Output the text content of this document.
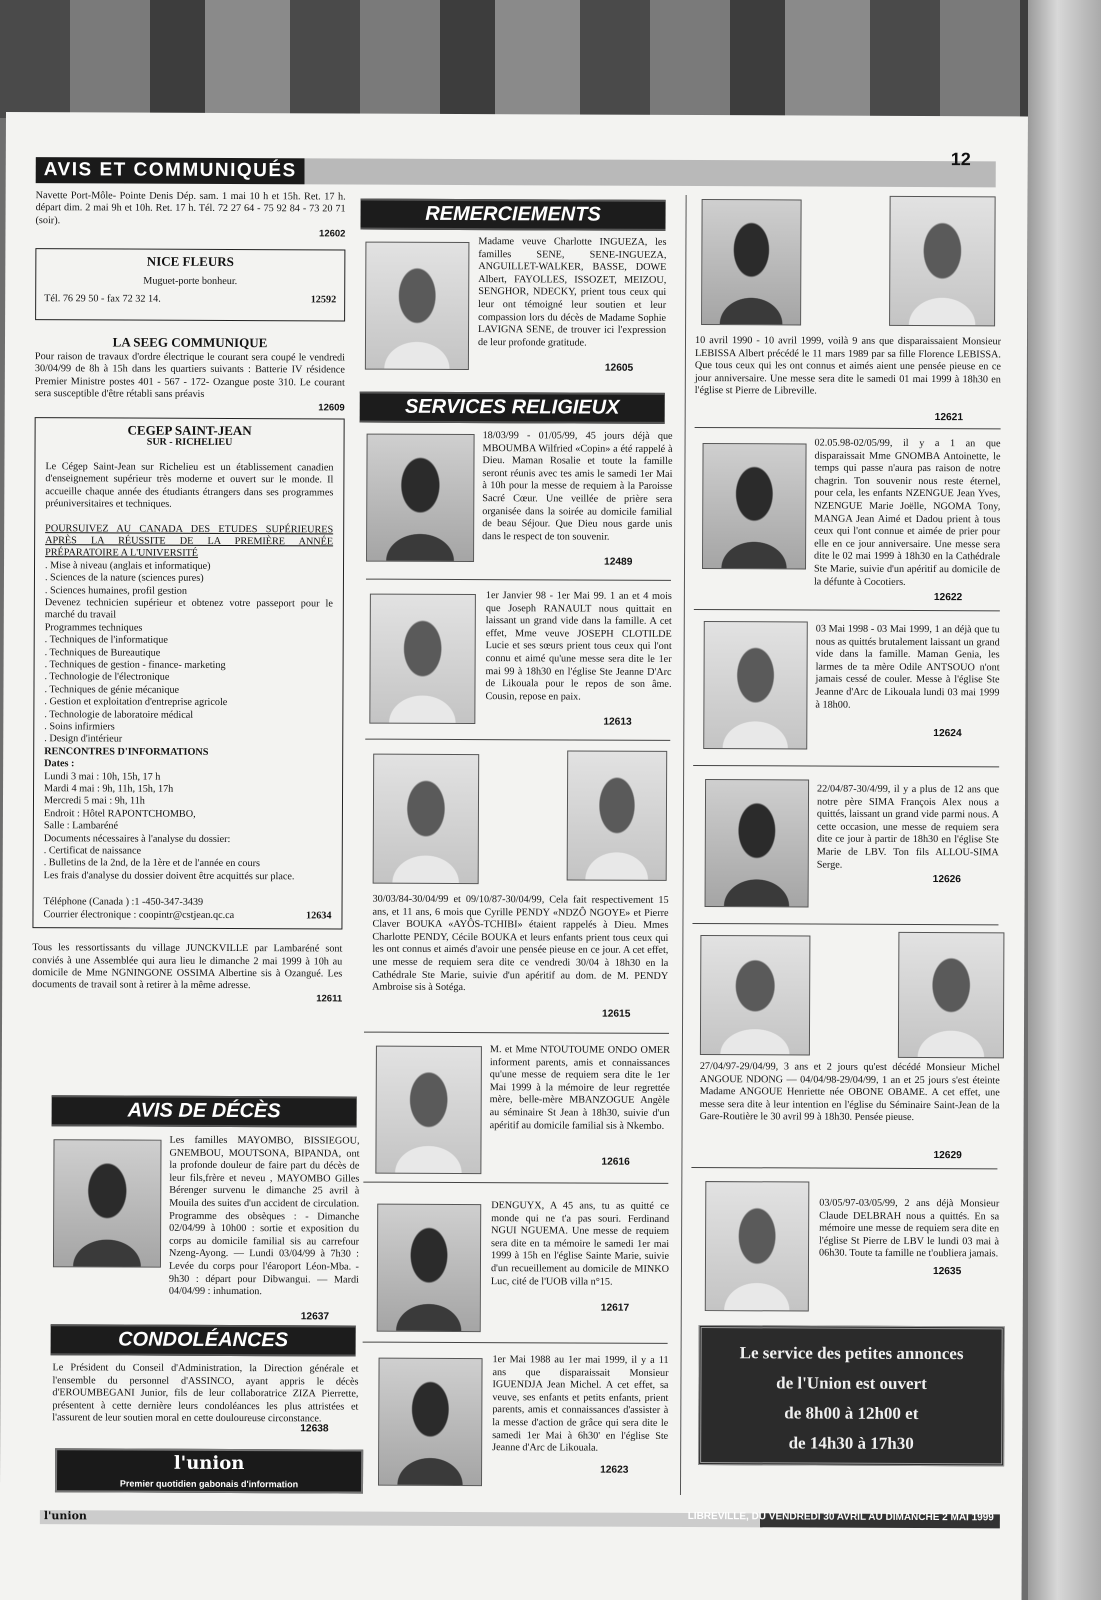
AVIS ET COMMUNIQUÉS	12

Navette Port-Môle- Pointe Denis Dép. sam. 1 mai 10 h et 15h. Ret. 17 h. départ dim. 2 mai 9h et 10h. Ret. 17 h. Tél. 72 27 64 - 75 92 84 - 73 20 71 (soir).

12602
NICE FLEURS
Muguet-porte bonheur.
Tél. 76 29 50 - fax 72 32 14.	12592
LA SEEG COMMUNIQUE

Pour raison de travaux d'ordre électrique le courant sera coupé le vendredi 30/04/99 de 8h à 15h dans les quartiers suivants : Batterie IV résidence Premier Ministre postes 401 - 567 - 172- Ozangue poste 310. Le courant sera susceptible d'être rétabli sans préavis

12609
CEGEP SAINT-JEAN
SUR - RICHELIEU

Le Cégep Saint-Jean sur Richelieu est un établissement canadien d'enseignement supérieur très moderne et ouvert sur le monde. Il accueille chaque année des étudiants étrangers dans ses programmes préuniversitaires et techniques.

POURSUIVEZ AU CANADA DES ETUDES SUPÉRIEURES APRÈS LA RÉUSSITE DE LA PREMIÈRE ANNÉE PRÉPARATOIRE A L'UNIVERSITÉ

. Mise à niveau (anglais et informatique)
. Sciences de la nature (sciences pures)
. Sciences humaines, profil gestion

Devenez technicien supérieur et obtenez votre passeport pour le marché du travail

Programmes techniques
. Techniques de l'informatique
. Techniques de Bureautique
. Techniques de gestion - finance- marketing
. Technologie de l'électronique
. Techniques de génie mécanique
. Gestion et exploitation d'entreprise agricole
. Technologie de laboratoire médical
. Soins infirmiers
. Design d'intérieur
RENCONTRES D'INFORMATIONS
Dates :
Lundi 3 mai : 10h, 15h, 17 h
Mardi 4 mai : 9h, 11h, 15h, 17h
Mercredi 5 mai : 9h, 11h
Endroit : Hôtel RAPONTCHOMBO,
Salle : Lambaréné
Documents nécessaires à l'analyse du dossier:
. Certificat de naissance
. Bulletins de la 2nd, de la 1ère et de l'année en cours

Les frais d'analyse du dossier doivent être acquittés sur place.

Téléphone (Canada ) :1 -450-347-3439
Courrier électronique : coopintr@cstjean.qc.ca	12634

Tous les ressortissants du village JUNCKVILLE par Lambaréné sont conviés à une Assemblée qui aura lieu le dimanche 2 mai 1999 à 10h au domicile de Mme NGNINGONE OSSIMA Albertine sis à Ozangué. Les documents de travail sont à retirer à la même adresse.

12611
AVIS DE DÉCÈS
Les familles MAYOMBO, BISSIEGOU, GNEMBOU, MOUTSONA, BIPANDA, ont la profonde douleur de faire part du décès de leur fils,frère et neveu , MAYOMBO Gilles Bérenger survenu le dimanche 25 avril à Mouila des suites d'un accident de circulation. Programme des obsèques : - Dimanche 02/04/99 à 10h00 : sortie et exposition du corps au domicile familial sis au carrefour Nzeng-Ayong. — Lundi 03/04/99 à 7h30 : Levée du corps pour l'éaroport Léon-Mba. - 9h30 : départ pour Dibwangui. — Mardi 04/04/99 : inhumation.
12637
CONDOLÉANCES
Le Président du Conseil d'Administration, la Direction générale et l'ensemble du personnel d'ASSINCO, ayant appris le décès d'EROUMBEGANI Junior, fils de leur collaboratrice ZIZA Pierrette, présentent à cette dernière leurs condoléances les plus attristées et l'assurent de leur soutien moral en cette douloureuse circonstance.
12638
l'union
Premier quotidien gabonais d'information
REMERCIEMENTS
Madame veuve Charlotte INGUEZA, les familles SENE, SENE-INGUEZA, ANGUILLET-WALKER, BASSE, DOWE Albert, FAYOLLES, ISSOZET, MEIZOU, SENGHOR, NDECKY, prient tous ceux qui leur ont témoigné leur soutien et leur compassion lors du décès de Madame Sophie LAVIGNA SENE, de trouver ici l'expression de leur profonde gratitude.
12605
SERVICES RELIGIEUX
18/03/99 - 01/05/99, 45 jours déjà que MBOUMBA Wilfried «Copin» a été rappelé à Dieu. Maman Rosalie et toute la famille seront réunis avec tes amis le samedi 1er Mai à 10h pour la messe de requiem à la Paroisse Sacré Cœur. Une veillée de prière sera organisée dans la soirée au domicile familial de beau Séjour. Que Dieu nous garde unis dans le respect de ton souvenir.
12489
1er Janvier 98 - 1er Mai 99. 1 an et 4 mois que Joseph RANAULT nous quittait en laissant un grand vide dans la famille. A cet effet, Mme veuve JOSEPH CLOTILDE Lucie et ses sœurs prient tous ceux qui l'ont connu et aimé qu'une messe sera dite le 1er mai 99 à 18h30 en l'église Ste Jeanne D'Arc de Likouala pour le repos de son âme. Cousin, repose en paix.
12613
30/03/84-30/04/99 et 09/10/87-30/04/99, Cela fait respectivement 15 ans, et 11 ans, 6 mois que Cyrille PENDY «NDZÔ NGOYE» et Pierre Claver BOUKA «AYÔS-TCHIBI» étaient rappelés à Dieu. Mmes Charlotte PENDY, Cécile BOUKA et leurs enfants prient tous ceux qui les ont connus et aimés d'avoir une pensée pieuse en ce jour. A cet effet, une messe de requiem sera dite ce vendredi 30/04 à 18h30 en la Cathédrale Ste Marie, suivie d'un apéritif au dom. de M. PENDY Ambroise sis à Sotéga.
12615
M. et Mme NTOUTOUME ONDO OMER informent parents, amis et connaissances qu'une messe de requiem sera dite le 1er Mai 1999 à la mémoire de leur regrettée mère, belle-mère MBANZOGUE Angèle au séminaire St Jean à 18h30, suivie d'un apéritif au domicile familial sis à Nkembo.
12616
DENGUYX, A 45 ans, tu as quitté ce monde qui ne t'a pas souri. Ferdinand NGUI NGUEMA. Une messe de requiem sera dite en ta mémoire le samedi 1er mai 1999 à 15h en l'église Sainte Marie, suivie d'un recueillement au domicile de MINKO Luc, cité de l'UOB villa n°15.
12617
1er Mai 1988 au 1er mai 1999, il y a 11 ans que disparaissait Monsieur IGUENDJA Jean Michel. A cet effet, sa veuve, ses enfants et petits enfants, prient parents, amis et connaissances d'assister à la messe d'action de grâce qui sera dite le samedi 1er Mai à 6h30' en l'église Ste Jeanne d'Arc de Likouala.
12623
10 avril 1990 - 10 avril 1999, voilà 9 ans que disparaissaient Monsieur LEBISSA Albert précédé le 11 mars 1989 par sa fille Florence LEBISSA. Que tous ceux qui les ont connus et aimés aient une pensée pieuse en ce jour anniversaire. Une messe sera dite le samedi 01 mai 1999 à 18h30 en l'église st Pierre de Libreville.
12621
02.05.98-02/05/99, il y a 1 an que disparaissait Mme GNOMBA Antoinette, le temps qui passe n'aura pas raison de notre chagrin. Ton souvenir nous reste éternel, pour cela, les enfants NZENGUE Jean Yves, NZENGUE Marie Joëlle, NGOMA Tony, MANGA Jean Aimé et Dadou prient à tous ceux qui l'ont connue et aimée de prier pour elle en ce jour anniversaire. Une messe sera dite le 02 mai 1999 à 18h30 en la Cathédrale Ste Marie, suivie d'un apéritif au domicile de la défunte à Cocotiers.
12622
03 Mai 1998 - 03 Mai 1999, 1 an déjà que tu nous as quittés brutalement laissant un grand vide dans la famille. Maman Genia, les larmes de ta mère Odile ANTSOUO n'ont jamais cessé de couler. Messe à l'église Ste Jeanne d'Arc de Likouala lundi 03 mai 1999 à 18h00.
12624
22/04/87-30/4/99, il y a plus de 12 ans que notre père SIMA François Alex nous a quittés, laissant un grand vide parmi nous. A cette occasion, une messe de requiem sera dite ce jour à partir de 18h30 en l'église Ste Marie de LBV. Ton fils ALLOU-SIMA Serge.
12626
27/04/97-29/04/99, 3 ans et 2 jours qu'est décédé Monsieur Michel ANGOUE NDONG — 04/04/98-29/04/99, 1 an et 25 jours s'est éteinte Madame ANGOUE Henriette née OBONE OBAME. A cet effet, une messe sera dite à leur intention en l'église du Séminaire Saint-Jean de la Gare-Routière le 30 avril 99 à 18h30. Pensée pieuse.
12629
03/05/97-03/05/99, 2 ans déjà Monsieur Claude DELBRAH nous a quittés. En sa mémoire une messe de requiem sera dite en l'église St Pierre de LBV le lundi 03 mai à 06h30. Toute ta famille ne t'oubliera jamais.
12635
Le service des petites annonces
de l'Union est ouvert
de 8h00 à 12h00 et
de 14h30 à 17h30
l'union	LIBREVILLE, DU VENDREDI 30 AVRIL AU DIMANCHE 2 MAI 1999
